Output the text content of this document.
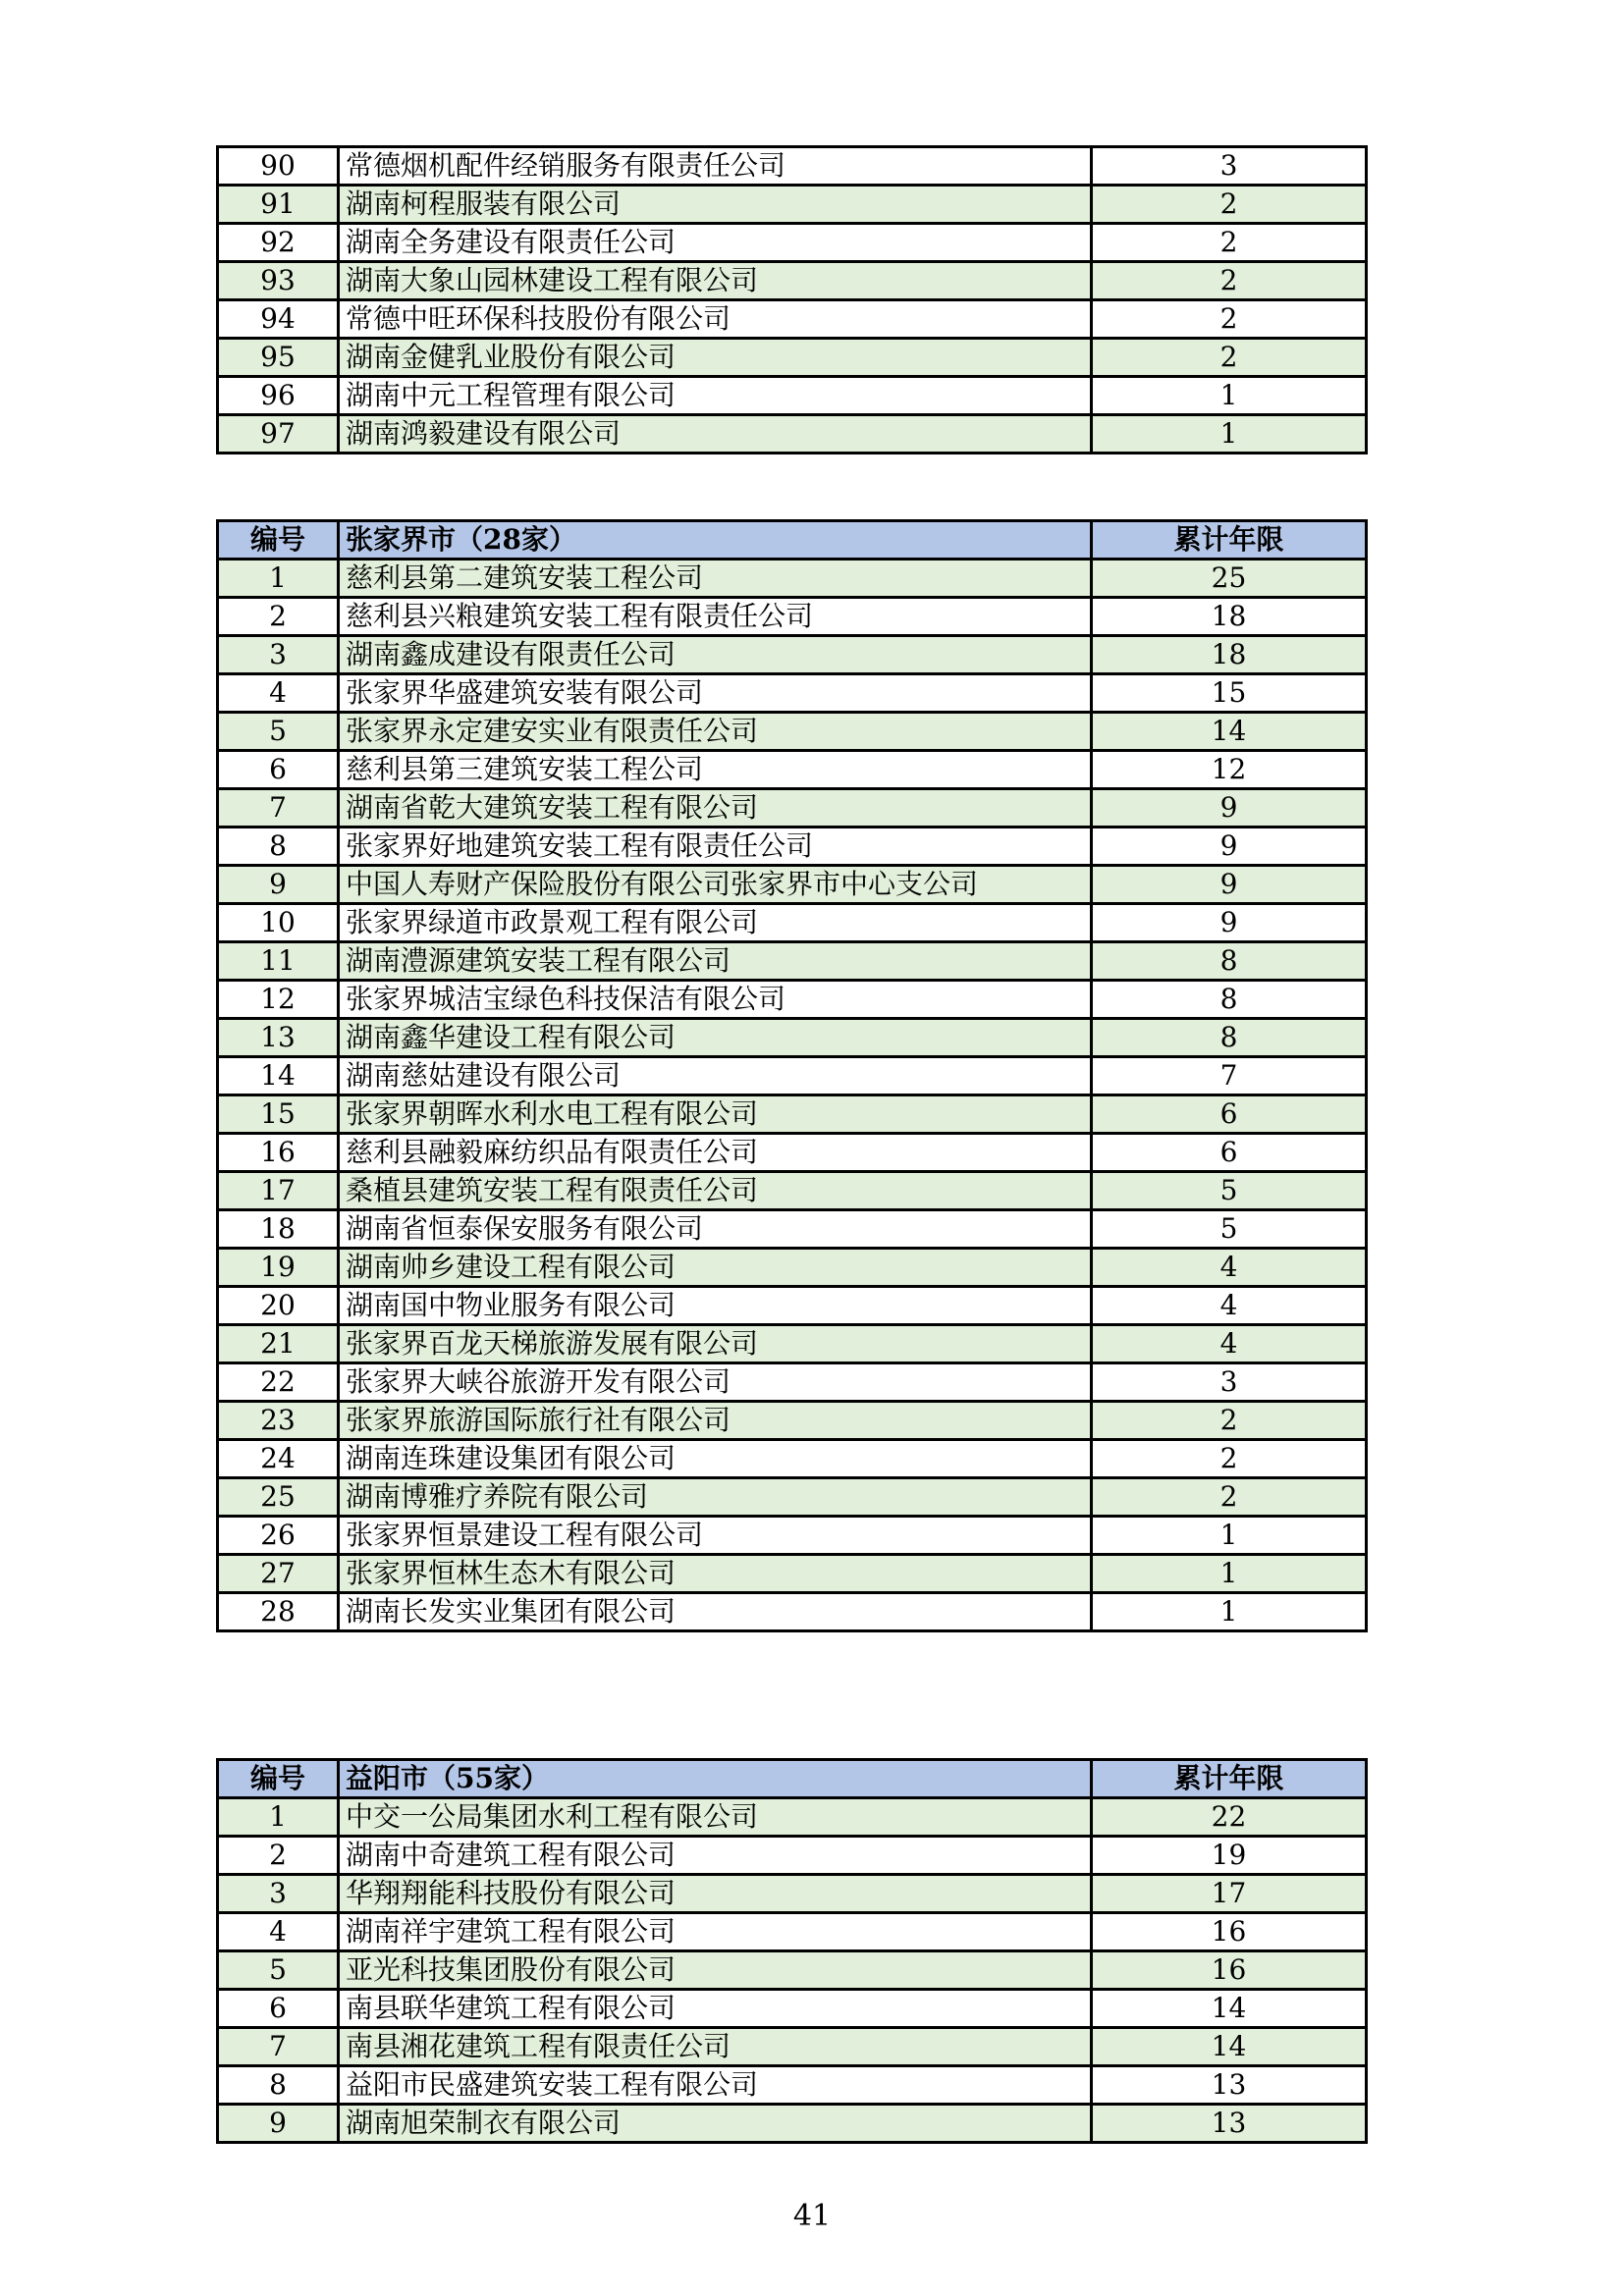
90	常德烟机配件经销服务有限责任公司	3
91	湖南柯程服装有限公司	2
92	湖南全务建设有限责任公司	2
93	湖南大象山园林建设工程有限公司	2
94	常德中旺环保科技股份有限公司	2
95	湖南金健乳业股份有限公司	2
96	湖南中元工程管理有限公司	1
97	湖南鸿毅建设有限公司	1
编号	张家界市（28家）	累计年限
1	慈利县第二建筑安装工程公司	25
2	慈利县兴粮建筑安装工程有限责任公司	18
3	湖南鑫成建设有限责任公司	18
4	张家界华盛建筑安装有限公司	15
5	张家界永定建安实业有限责任公司	14
6	慈利县第三建筑安装工程公司	12
7	湖南省乾大建筑安装工程有限公司	9
8	张家界好地建筑安装工程有限责任公司	9
9	中国人寿财产保险股份有限公司张家界市中心支公司	9
10	张家界绿道市政景观工程有限公司	9
11	湖南澧源建筑安装工程有限公司	8
12	张家界城洁宝绿色科技保洁有限公司	8
13	湖南鑫华建设工程有限公司	8
14	湖南慈姑建设有限公司	7
15	张家界朝晖水利水电工程有限公司	6
16	慈利县融毅麻纺织品有限责任公司	6
17	桑植县建筑安装工程有限责任公司	5
18	湖南省恒泰保安服务有限公司	5
19	湖南帅乡建设工程有限公司	4
20	湖南国中物业服务有限公司	4
21	张家界百龙天梯旅游发展有限公司	4
22	张家界大峡谷旅游开发有限公司	3
23	张家界旅游国际旅行社有限公司	2
24	湖南连珠建设集团有限公司	2
25	湖南博雅疗养院有限公司	2
26	张家界恒景建设工程有限公司	1
27	张家界恒林生态木有限公司	1
28	湖南长发实业集团有限公司	1
编号	益阳市（55家）	累计年限
1	中交一公局集团水利工程有限公司	22
2	湖南中奇建筑工程有限公司	19
3	华翔翔能科技股份有限公司	17
4	湖南祥宇建筑工程有限公司	16
5	亚光科技集团股份有限公司	16
6	南县联华建筑工程有限公司	14
7	南县湘花建筑工程有限责任公司	14
8	益阳市民盛建筑安装工程有限公司	13
9	湖南旭荣制衣有限公司	13
41
